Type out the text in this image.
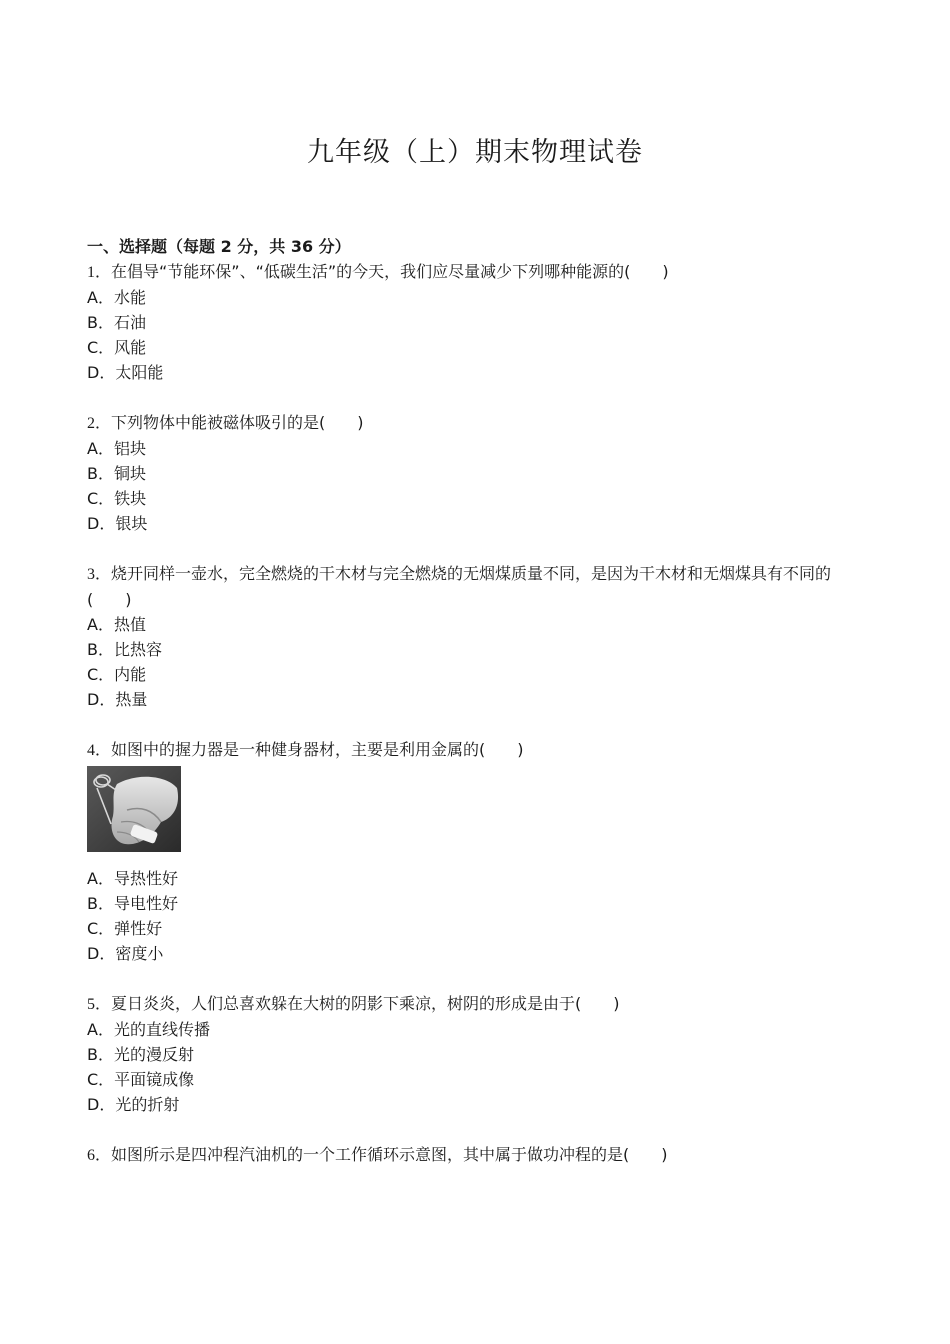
九年级（上）期末物理试卷
一、选择题（每题 2 分，共 36 分）
1．在倡导“节能环保”、“低碳生活”的今天，我们应尽量减少下列哪种能源的(　　)
A．水能
B．石油
C．风能
D．太阳能
2．下列物体中能被磁体吸引的是(　　)
A．铝块
B．铜块
C．铁块
D．银块
3．烧开同样一壶水，完全燃烧的干木材与完全燃烧的无烟煤质量不同，是因为干木材和无烟煤具有不同的(　　)
A．热值
B．比热容
C．内能
D．热量
4．如图中的握力器是一种健身器材，主要是利用金属的(　　)
A．导热性好
B．导电性好
C．弹性好
D．密度小
5．夏日炎炎，人们总喜欢躲在大树的阴影下乘凉，树阴的形成是由于(　　)
A．光的直线传播
B．光的漫反射
C．平面镜成像
D．光的折射
6．如图所示是四冲程汽油机的一个工作循环示意图，其中属于做功冲程的是(　　)
